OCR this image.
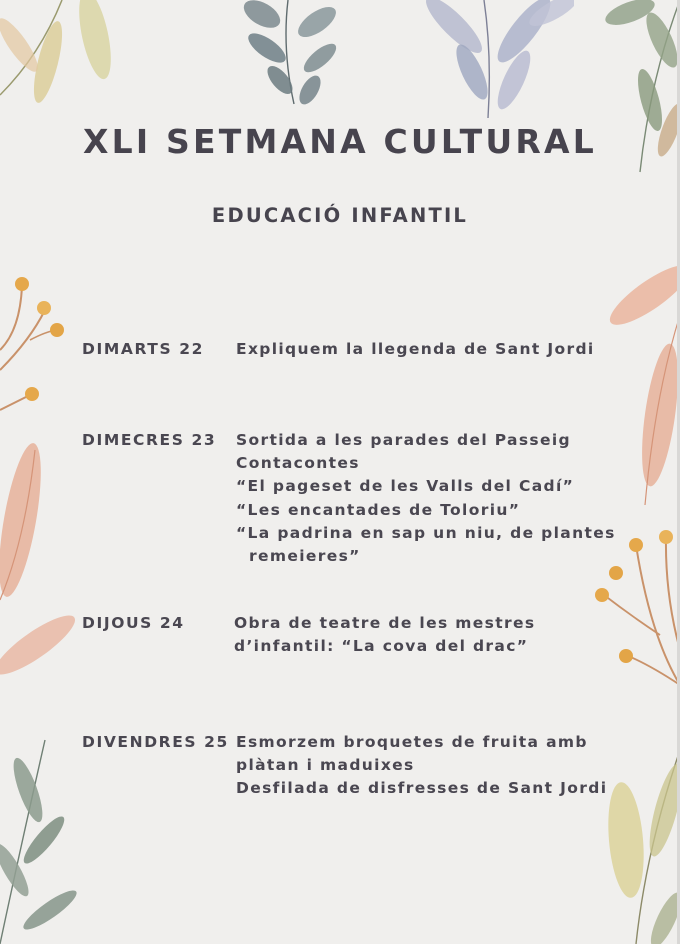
XLI SETMANA CULTURAL
EDUCACIÓ INFANTIL
DIMARTS 22 Expliquem la llegenda de Sant Jordi
DIMECRES 23 Sortida a les parades del Passeig
Contacontes
“El pageset de les Valls del Cadí”
“Les encantades de Toloriu”
“La padrina en sap un niu, de plantes
remeieres”
DIJOUS 24	Obra de teatre de les mestres
d’infantil: “La cova del drac”
DIVENDRES 25 Esmorzem broquetes de fruita amb
plàtan i maduixes
Desfilada de disfresses de Sant Jordi
